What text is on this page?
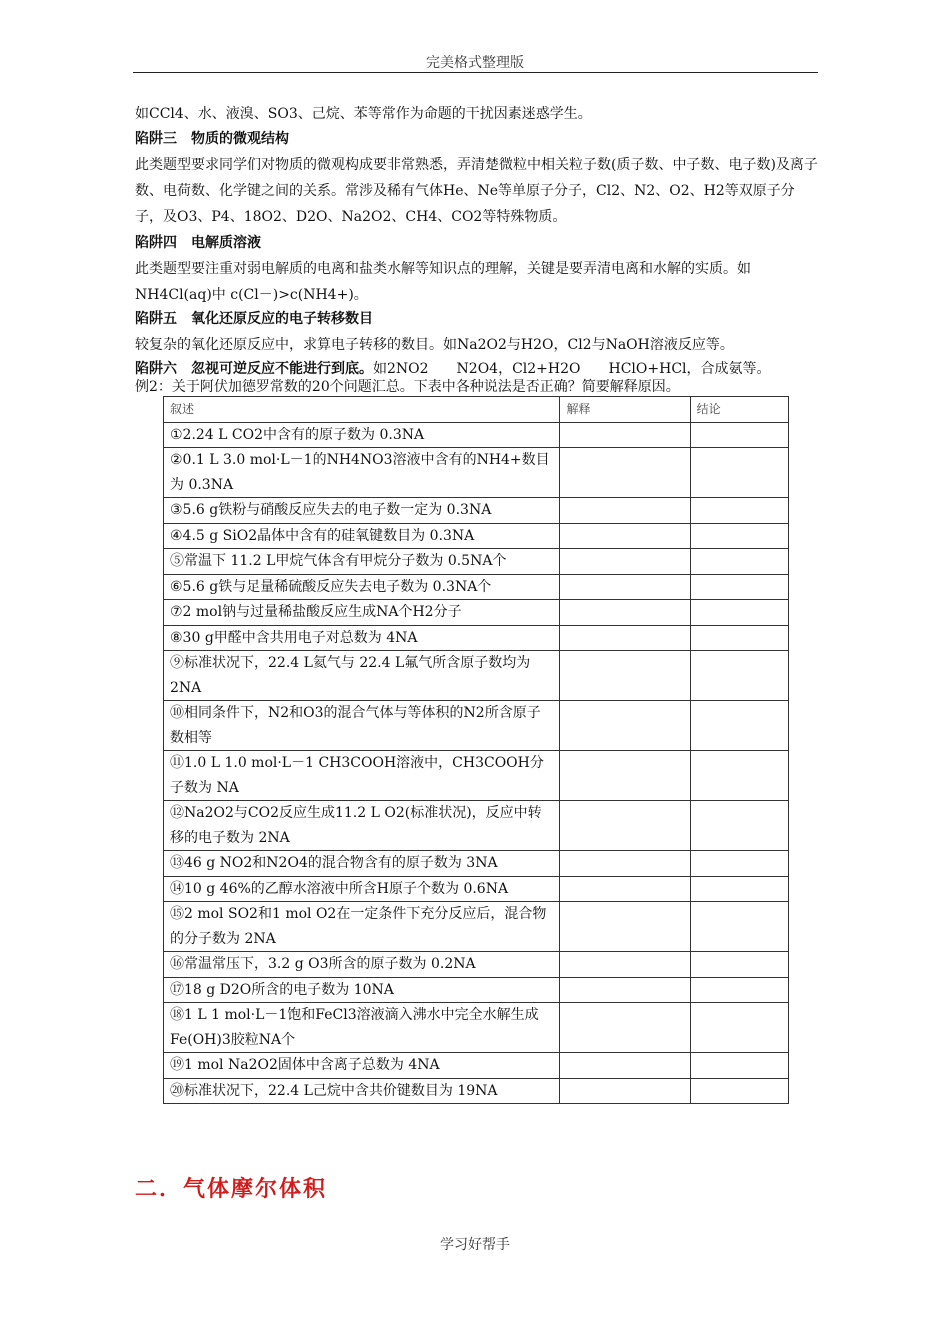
完美格式整理版

如CCl4、水、液溴、SO3、己烷、苯等常作为命题的干扰因素迷惑学生。

陷阱三　物质的微观结构

此类题型要求同学们对物质的微观构成要非常熟悉，弄清楚微粒中相关粒子数(质子数、中子数、电子数)及离子数、电荷数、化学键之间的关系。常涉及稀有气体He、Ne等单原子分子，Cl2、N2、O2、H2等双原子分子，及O3、P4、18O2、D2O、Na2O2、CH4、CO2等特殊物质。

陷阱四　电解质溶液

此类题型要注重对弱电解质的电离和盐类水解等知识点的理解，关键是要弄清电离和水解的实质。如NH4Cl(aq)中 c(Cl－)>c(NH4+)。

陷阱五　氧化还原反应的电子转移数目

较复杂的氧化还原反应中，求算电子转移的数目。如Na2O2与H2O，Cl2与NaOH溶液反应等。

陷阱六　忽视可逆反应不能进行到底。如2NO2　　N2O4，Cl2+H2O　　HClO+HCl，合成氨等。

例2：关于阿伏加德罗常数的20个问题汇总。下表中各种说法是否正确？简要解释原因。

叙述	解释	结论
①2.24 L CO2中含有的原子数为 0.3NA		
②0.1 L 3.0 mol·L－1的NH4NO3溶液中含有的NH4+数目为 0.3NA		
③5.6 g铁粉与硝酸反应失去的电子数一定为 0.3NA		
④4.5 g SiO2晶体中含有的硅氧键数目为 0.3NA		
⑤常温下 11.2 L甲烷气体含有甲烷分子数为 0.5NA个		
⑥5.6 g铁与足量稀硫酸反应失去电子数为 0.3NA个		
⑦2 mol钠与过量稀盐酸反应生成NA个H2分子		
⑧30 g甲醛中含共用电子对总数为 4NA		
⑨标准状况下，22.4 L氦气与 22.4 L氟气所含原子数均为 2NA		
⑩相同条件下，N2和O3的混合气体与等体积的N2所含原子数相等		
⑪1.0 L 1.0 mol·L－1 CH3COOH溶液中，CH3COOH分子数为 NA		
⑫Na2O2与CO2反应生成11.2 L O2(标准状况)，反应中转移的电子数为 2NA		
⑬46 g NO2和N2O4的混合物含有的原子数为 3NA		
⑭10 g 46%的乙醇水溶液中所含H原子个数为 0.6NA		
⑮2 mol SO2和1 mol O2在一定条件下充分反应后，混合物的分子数为 2NA		
⑯常温常压下，3.2 g O3所含的原子数为 0.2NA		
⑰18 g D2O所含的电子数为 10NA		
⑱1 L 1 mol·L－1饱和FeCl3溶液滴入沸水中完全水解生成Fe(OH)3胶粒NA个		
⑲1 mol Na2O2固体中含离子总数为 4NA		
⑳标准状况下，22.4 L己烷中含共价键数目为 19NA		
二．气体摩尔体积
学习好帮手
